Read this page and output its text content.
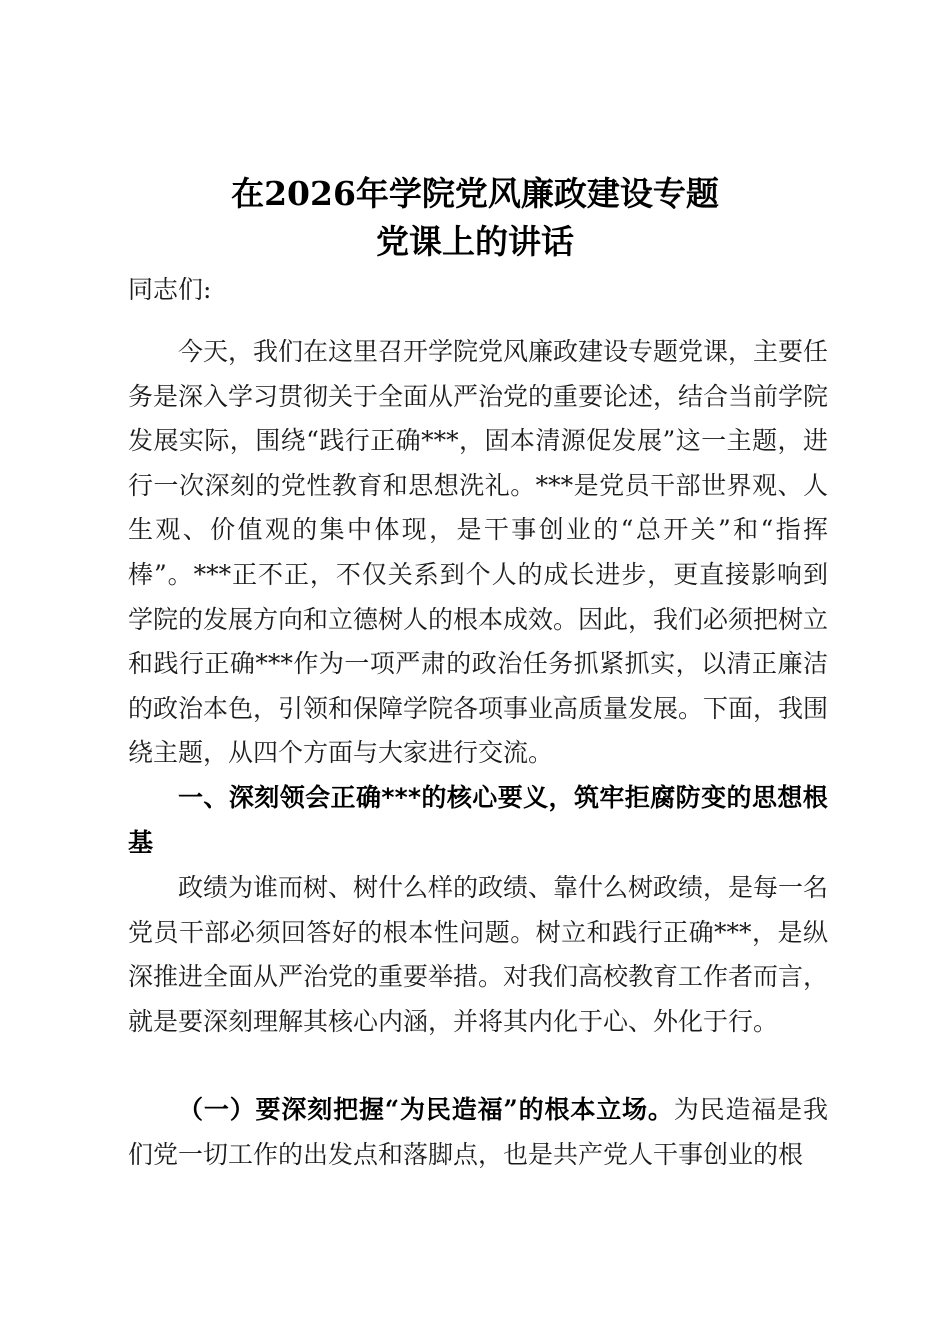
在2026年学院党风廉政建设专题
党课上的讲话
同志们:
今天，我们在这里召开学院党风廉政建设专题党课，主要任务是深入学习贯彻关于全面从严治党的重要论述，结合当前学院发展实际，围绕“践行正确***，固本清源促发展”这一主题，进行一次深刻的党性教育和思想洗礼。***是党员干部世界观、人生观、价值观的集中体现，是干事创业的“总开关”和“指挥棒”。***正不正，不仅关系到个人的成长进步，更直接影响到学院的发展方向和立德树人的根本成效。因此，我们必须把树立和践行正确***作为一项严肃的政治任务抓紧抓实，以清正廉洁的政治本色，引领和保障学院各项事业高质量发展。下面，我围绕主题，从四个方面与大家进行交流。
一、深刻领会正确***的核心要义，筑牢拒腐防变的思想根基
政绩为谁而树、树什么样的政绩、靠什么树政绩，是每一名党员干部必须回答好的根本性问题。树立和践行正确***，是纵深推进全面从严治党的重要举措。对我们高校教育工作者而言，就是要深刻理解其核心内涵，并将其内化于心、外化于行。
（一）要深刻把握“为民造福”的根本立场。为民造福是我们党一切工作的出发点和落脚点，也是共产党人干事创业的根
